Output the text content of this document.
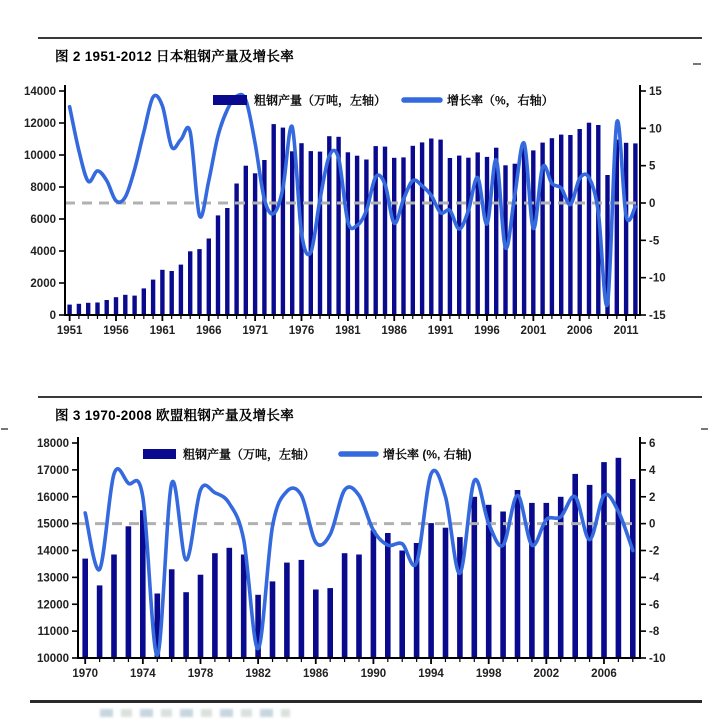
图 2 1951-2012 日本粗钢产量及增长率
0
2000
4000
6000
8000
10000
12000
14000
-15
-10
-5
0
5
10
15
1951 1956 1961 1966 1971 1976 1981 1986 1991 1996 2001 2006 2011
粗钢产量（万吨，左轴）	增长率（%，右轴）
图 3 1970-2008 欧盟粗钢产量及增长率
10000
11000
12000
13000
14000
15000
16000
17000
18000
-10
-8
-6
-4
-2
0
2
4
6
1970	1974	1978	1982	1986	1990	1994	1998	2002	2006
粗钢产量（万吨，左轴）	增长率 (%, 右轴)
